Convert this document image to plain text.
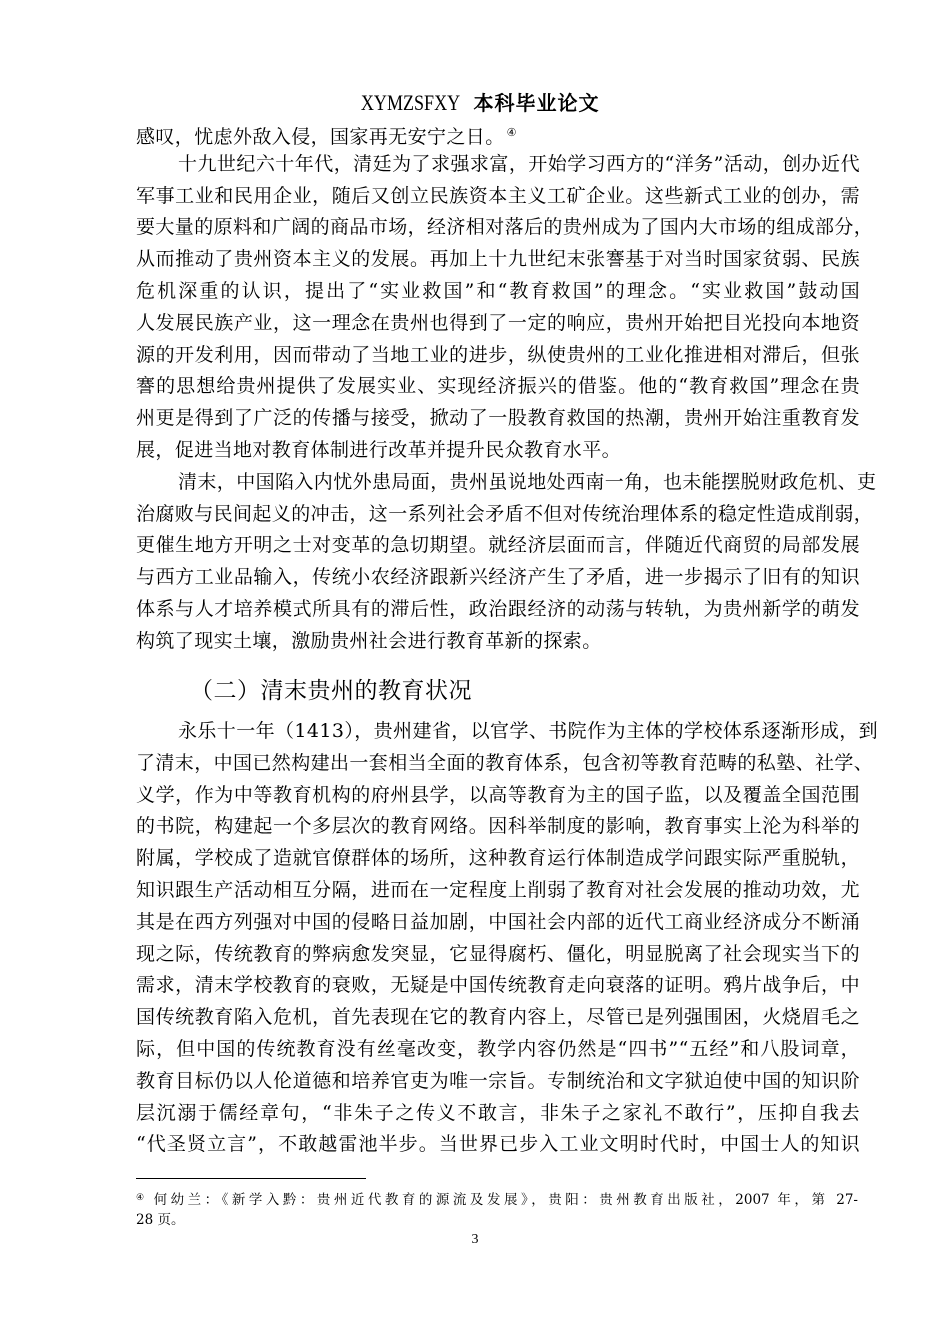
XYMZSFXY 本科毕业论文
感叹，忧虑外敌入侵，国家再无安宁之日。 ④
十九世纪六十年代，清廷为了求强求富，开始学习西方的“洋务”活动，创办近代
军事工业和民用企业，随后又创立民族资本主义工矿企业。这些新式工业的创办，需
要大量的原料和广阔的商品市场，经济相对落后的贵州成为了国内大市场的组成部分，
从而推动了贵州资本主义的发展。再加上十九世纪末张謇基于对当时国家贫弱、民族
危机深重的认识，提出了“实业救国”和“教育救国”的理念。“实业救国”鼓动国
人发展民族产业，这一理念在贵州也得到了一定的响应，贵州开始把目光投向本地资
源的开发利用，因而带动了当地工业的进步，纵使贵州的工业化推进相对滞后，但张
謇的思想给贵州提供了发展实业、实现经济振兴的借鉴。他的“教育救国”理念在贵
州更是得到了广泛的传播与接受，掀动了一股教育救国的热潮，贵州开始注重教育发
展，促进当地对教育体制进行改革并提升民众教育水平。
清末，中国陷入内忧外患局面，贵州虽说地处西南一角，也未能摆脱财政危机、吏
治腐败与民间起义的冲击，这一系列社会矛盾不但对传统治理体系的稳定性造成削弱，
更催生地方开明之士对变革的急切期望。就经济层面而言，伴随近代商贸的局部发展
与西方工业品输入，传统小农经济跟新兴经济产生了矛盾，进一步揭示了旧有的知识
体系与人才培养模式所具有的滞后性，政治跟经济的动荡与转轨，为贵州新学的萌发
构筑了现实土壤，激励贵州社会进行教育革新的探索。
（二）清末贵州的教育状况
永乐十一年（1413），贵州建省，以官学、书院作为主体的学校体系逐渐形成，到
了清末，中国已然构建出一套相当全面的教育体系，包含初等教育范畴的私塾、社学、
义学，作为中等教育机构的府州县学，以高等教育为主的国子监，以及覆盖全国范围
的书院，构建起一个多层次的教育网络。因科举制度的影响，教育事实上沦为科举的
附属，学校成了造就官僚群体的场所，这种教育运行体制造成学问跟实际严重脱轨，
知识跟生产活动相互分隔，进而在一定程度上削弱了教育对社会发展的推动功效，尤
其是在西方列强对中国的侵略日益加剧，中国社会内部的近代工商业经济成分不断涌
现之际，传统教育的弊病愈发突显，它显得腐朽、僵化，明显脱离了社会现实当下的
需求，清末学校教育的衰败，无疑是中国传统教育走向衰落的证明。鸦片战争后，中
国传统教育陷入危机，首先表现在它的教育内容上，尽管已是列强围困，火烧眉毛之
际，但中国的传统教育没有丝毫改变，教学内容仍然是“四书”“五经”和八股词章，
教育目标仍以人伦道德和培养官吏为唯一宗旨。专制统治和文字狱迫使中国的知识阶
层沉溺于儒经章句，“非朱子之传义不敢言，非朱子之家礼不敢行”，压抑自我去
“代圣贤立言”，不敢越雷池半步。当世界已步入工业文明时代时，中国士人的知识
④ 何幼兰：《新学入黔：贵州近代教育的源流及发展》，贵阳：贵州教育出版社，2007 年，第 27-
28 页。
3
